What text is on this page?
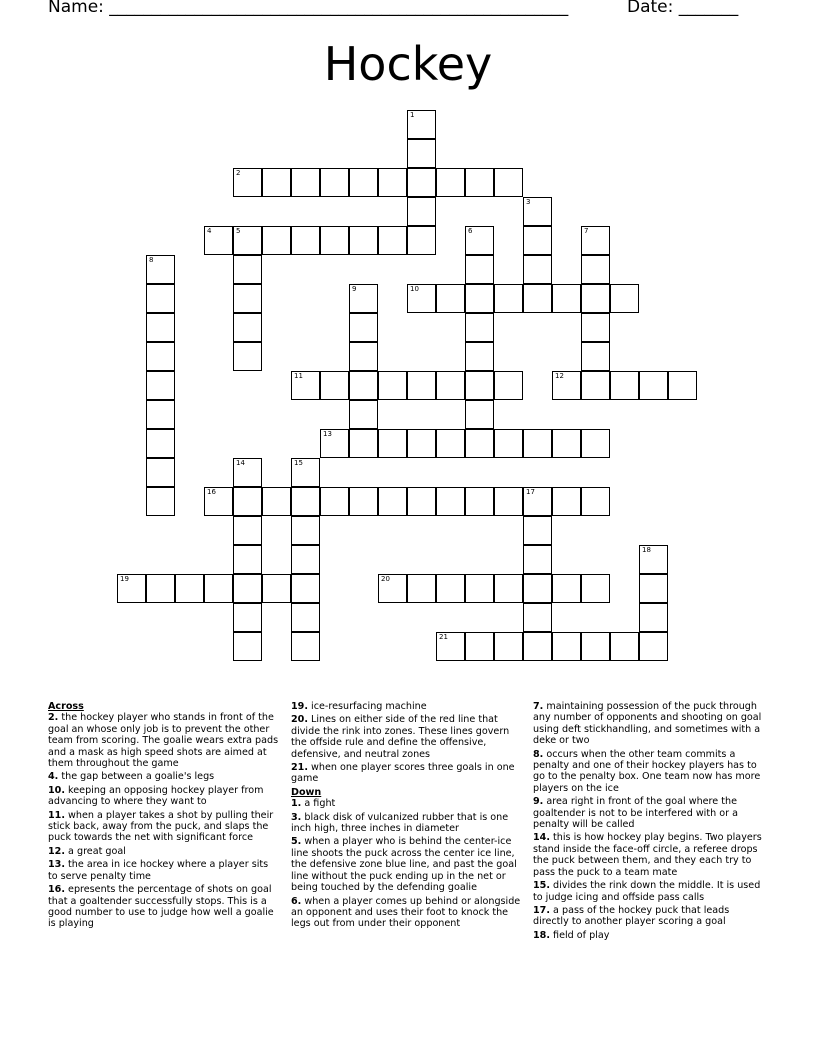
Name: ______________________________________________________	Date: _______
Hockey
1
2
3
4	5	6	7
8
9	10
11	12
13
14	15
16	17
18
19	20
21
Across
2. the hockey player who stands in front of the goal an whose only job is to prevent the other team from scoring. The goalie wears extra pads and a mask as high speed shots are aimed at them throughout the game
4. the gap between a goalie's legs
10. keeping an opposing hockey player from advancing to where they want to
11. when a player takes a shot by pulling their stick back, away from the puck, and slaps the puck towards the net with significant force
12. a great goal
13. the area in ice hockey where a player sits to serve penalty time
16. epresents the percentage of shots on goal that a goaltender successfully stops. This is a good number to use to judge how well a goalie is playing
19. ice-resurfacing machine
20. Lines on either side of the red line that divide the rink into zones. These lines govern the offside rule and define the offensive, defensive, and neutral zones
21. when one player scores three goals in one game
Down
1. a fight
3. black disk of vulcanized rubber that is one inch high, three inches in diameter
5. when a player who is behind the center-ice line shoots the puck across the center ice line, the defensive zone blue line, and past the goal line without the puck ending up in the net or being touched by the defending goalie
6. when a player comes up behind or alongside an opponent and uses their foot to knock the legs out from under their opponent
7. maintaining possession of the puck through any number of opponents and shooting on goal using deft stickhandling, and sometimes with a deke or two
8. occurs when the other team commits a penalty and one of their hockey players has to go to the penalty box. One team now has more players on the ice
9. area right in front of the goal where the goaltender is not to be interfered with or a penalty will be called
14. this is how hockey play begins. Two players stand inside the face-off circle, a referee drops the puck between them, and they each try to pass the puck to a team mate
15. divides the rink down the middle. It is used to judge icing and offside pass calls
17. a pass of the hockey puck that leads directly to another player scoring a goal
18. field of play
